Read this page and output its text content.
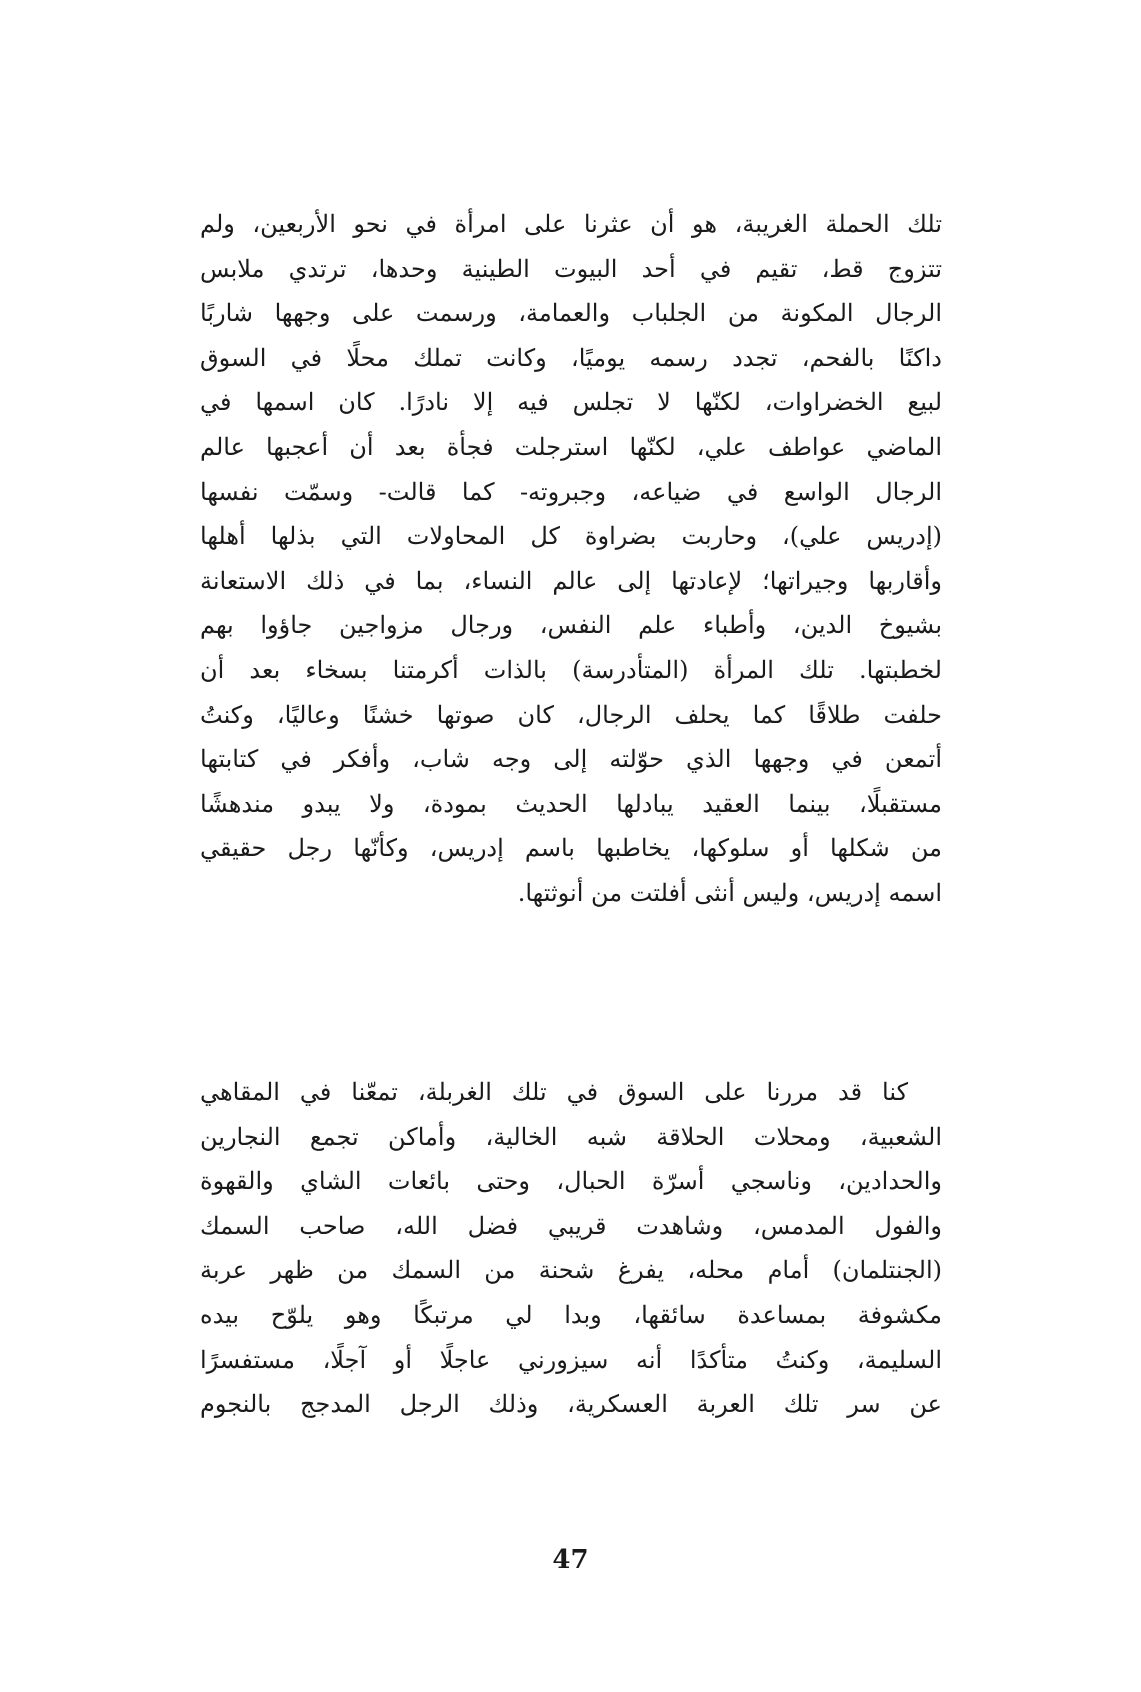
تلك الحملة الغريبة، هو أن عثرنا على امرأة في نحو الأربعين، ولم
تتزوج قط، تقيم في أحد البيوت الطينية وحدها، ترتدي ملابس
الرجال المكونة من الجلباب والعمامة، ورسمت على وجهها شاربًا
داكنًا بالفحم، تجدد رسمه يوميًا، وكانت تملك محلًا في السوق
لبيع الخضراوات، لكنّها لا تجلس فيه إلا نادرًا. كان اسمها في
الماضي عواطف علي، لكنّها استرجلت فجأة بعد أن أعجبها عالم
الرجال الواسع في ضياعه، وجبروته- كما قالت- وسمّت نفسها
(إدريس علي)، وحاربت بضراوة كل المحاولات التي بذلها أهلها
وأقاربها وجيراتها؛ لإعادتها إلى عالم النساء، بما في ذلك الاستعانة
بشيوخ الدين، وأطباء علم النفس، ورجال مزواجين جاؤوا بهم
لخطبتها. تلك المرأة (المتأدرسة) بالذات أكرمتنا بسخاء بعد أن
حلفت طلاقًا كما يحلف الرجال، كان صوتها خشنًا وعاليًا، وكنتُ
أتمعن في وجهها الذي حوّلته إلى وجه شاب، وأفكر في كتابتها
مستقبلًا، بينما العقيد يبادلها الحديث بمودة، ولا يبدو مندهشًا
من شكلها أو سلوكها، يخاطبها باسم إدريس، وكأنّها رجل حقيقي
اسمه إدريس، وليس أنثى أفلتت من أنوثتها.
كنا قد مررنا على السوق في تلك الغربلة، تمعّنا في المقاهي
الشعبية، ومحلات الحلاقة شبه الخالية، وأماكن تجمع النجارين
والحدادين، وناسجي أسرّة الحبال، وحتى بائعات الشاي والقهوة
والفول المدمس، وشاهدت قريبي فضل الله، صاحب السمك
(الجنتلمان) أمام محله، يفرغ شحنة من السمك من ظهر عربة
مكشوفة بمساعدة سائقها، وبدا لي مرتبكًا وهو يلوّح بيده
السليمة، وكنتُ متأكدًا أنه سيزورني عاجلًا أو آجلًا، مستفسرًا
عن سر تلك العربة العسكرية، وذلك الرجل المدجج بالنجوم
47
